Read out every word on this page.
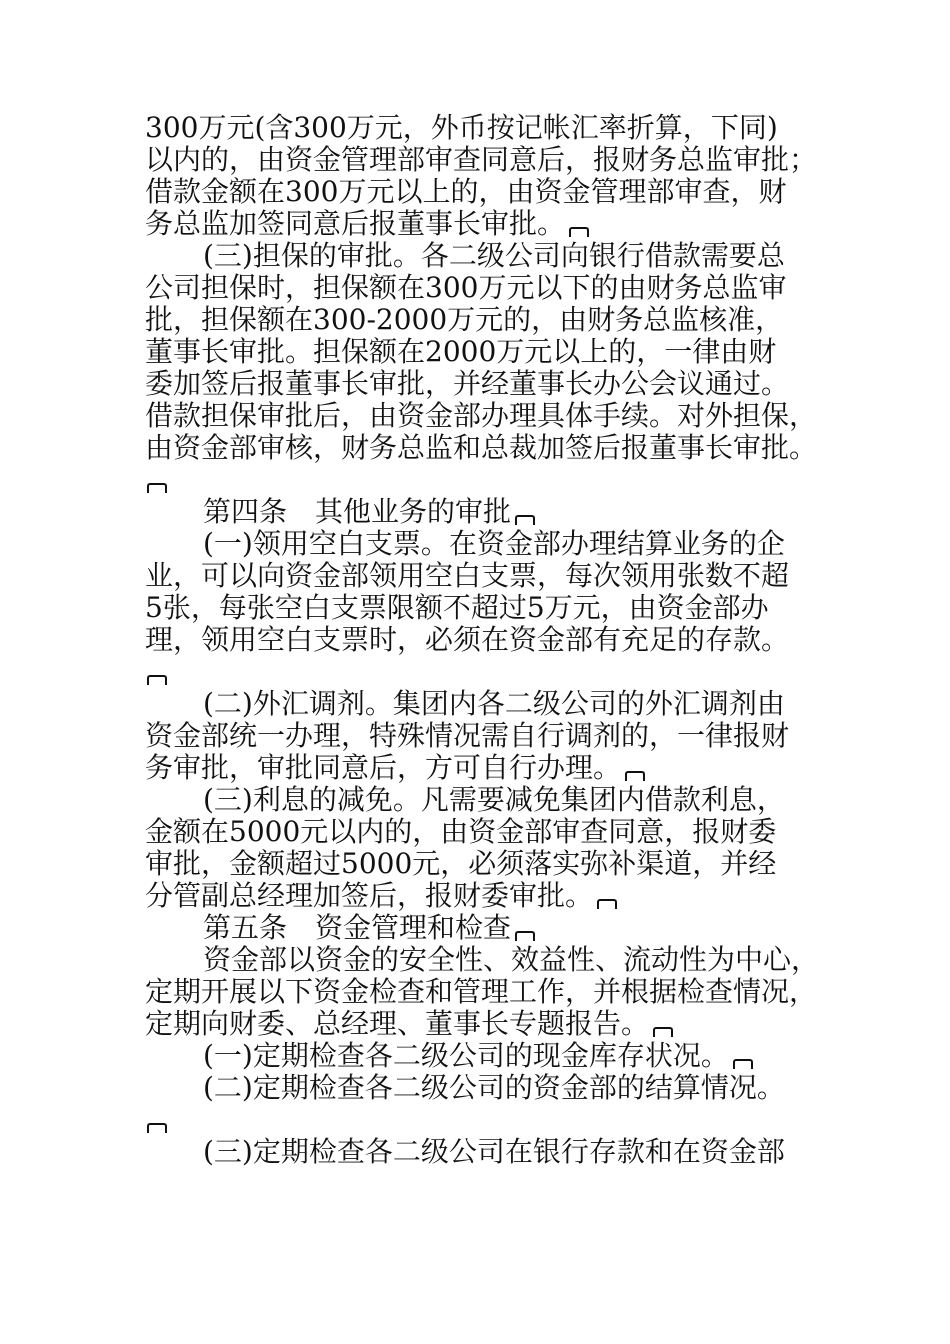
300万元(含300万元，外币按记帐汇率折算，下同)
以内的，由资金管理部审查同意后，报财务总监审批；
借款金额在300万元以上的，由资金管理部审查，财
务总监加签同意后报董事长审批。
(三)担保的审批。各二级公司向银行借款需要总
公司担保时，担保额在300万元以下的由财务总监审
批，担保额在300-2000万元的，由财务总监核准，
董事长审批。担保额在2000万元以上的，一律由财
委加签后报董事长审批，并经董事长办公会议通过。
借款担保审批后，由资金部办理具体手续。对外担保，
由资金部审核，财务总监和总裁加签后报董事长审批。
第四条　其他业务的审批
(一)领用空白支票。在资金部办理结算业务的企
业，可以向资金部领用空白支票，每次领用张数不超
5张，每张空白支票限额不超过5万元，由资金部办
理，领用空白支票时，必须在资金部有充足的存款。
(二)外汇调剂。集团内各二级公司的外汇调剂由
资金部统一办理，特殊情况需自行调剂的，一律报财
务审批，审批同意后，方可自行办理。
(三)利息的减免。凡需要减免集团内借款利息，
金额在5000元以内的，由资金部审查同意，报财委
审批，金额超过5000元，必须落实弥补渠道，并经
分管副总经理加签后，报财委审批。
第五条　资金管理和检查
资金部以资金的安全性、效益性、流动性为中心，
定期开展以下资金检查和管理工作，并根据检查情况，
定期向财委、总经理、董事长专题报告。
(一)定期检查各二级公司的现金库存状况。
(二)定期检查各二级公司的资金部的结算情况。
(三)定期检查各二级公司在银行存款和在资金部
